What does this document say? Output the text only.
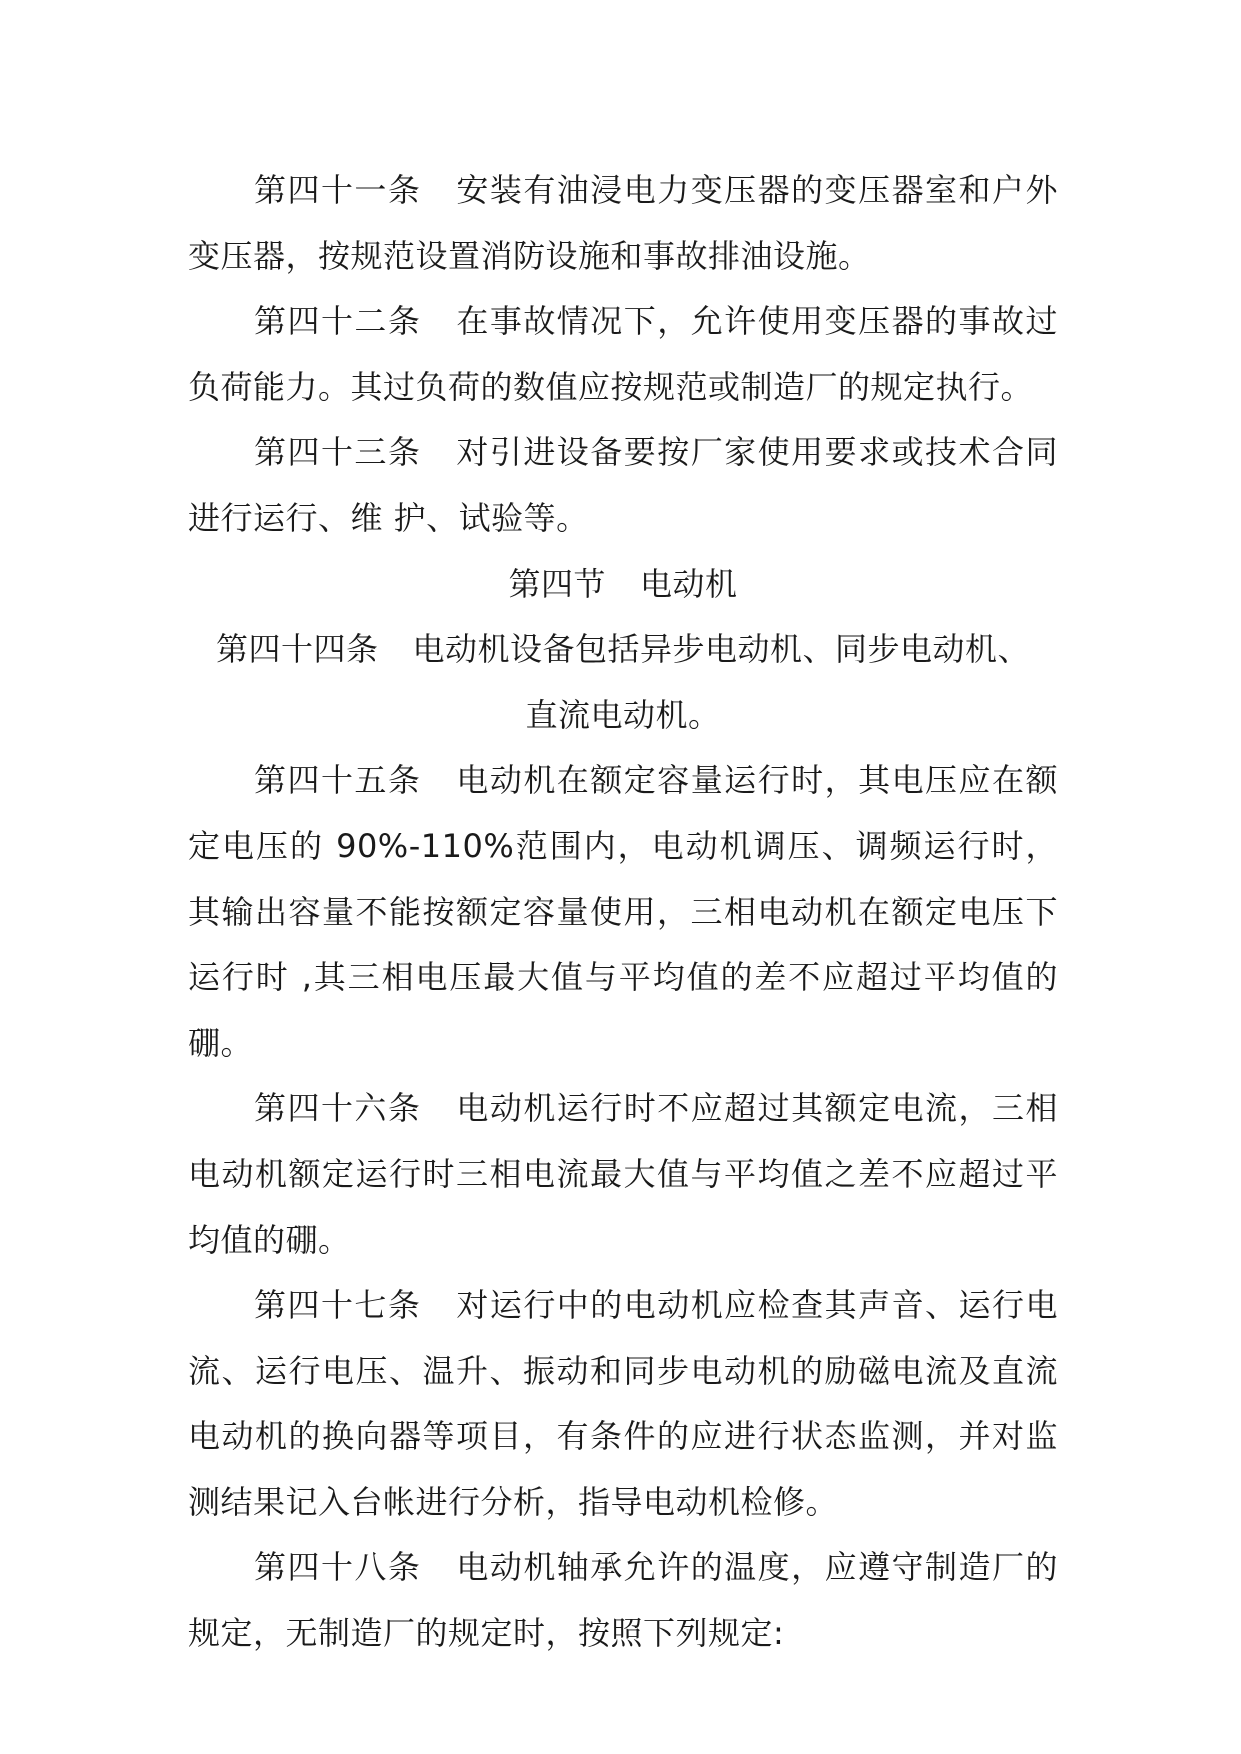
第四十一条 安装有油浸电力变压器的变压器室和户外变压器，按规范设置消防设施和事故排油设施。

第四十二条 在事故情况下，允许使用变压器的事故过负荷能力。其过负荷的数值应按规范或制造厂的规定执行。

第四十三条 对引进设备要按厂家使用要求或技术合同进行运行、维 护、试验等。

第四节 电动机

第四十四条 电动机设备包括异步电动机、同步电动机、
直流电动机。

第四十五条 电动机在额定容量运行时，其电压应在额定电压的 90%-110%范围内，电动机调压、调频运行时，其输出容量不能按额定容量使用，三相电动机在额定电压下运行时 ,其三相电压最大值与平均值的差不应超过平均值的硼。

第四十六条 电动机运行时不应超过其额定电流，三相电动机额定运行时三相电流最大值与平均值之差不应超过平均值的硼。

第四十七条 对运行中的电动机应检查其声音、运行电流、运行电压、温升、振动和同步电动机的励磁电流及直流电动机的换向器等项目，有条件的应进行状态监测，并对监测结果记入台帐进行分析，指导电动机检修。

第四十八条 电动机轴承允许的温度，应遵守制造厂的规定，无制造厂的规定时，按照下列规定:
